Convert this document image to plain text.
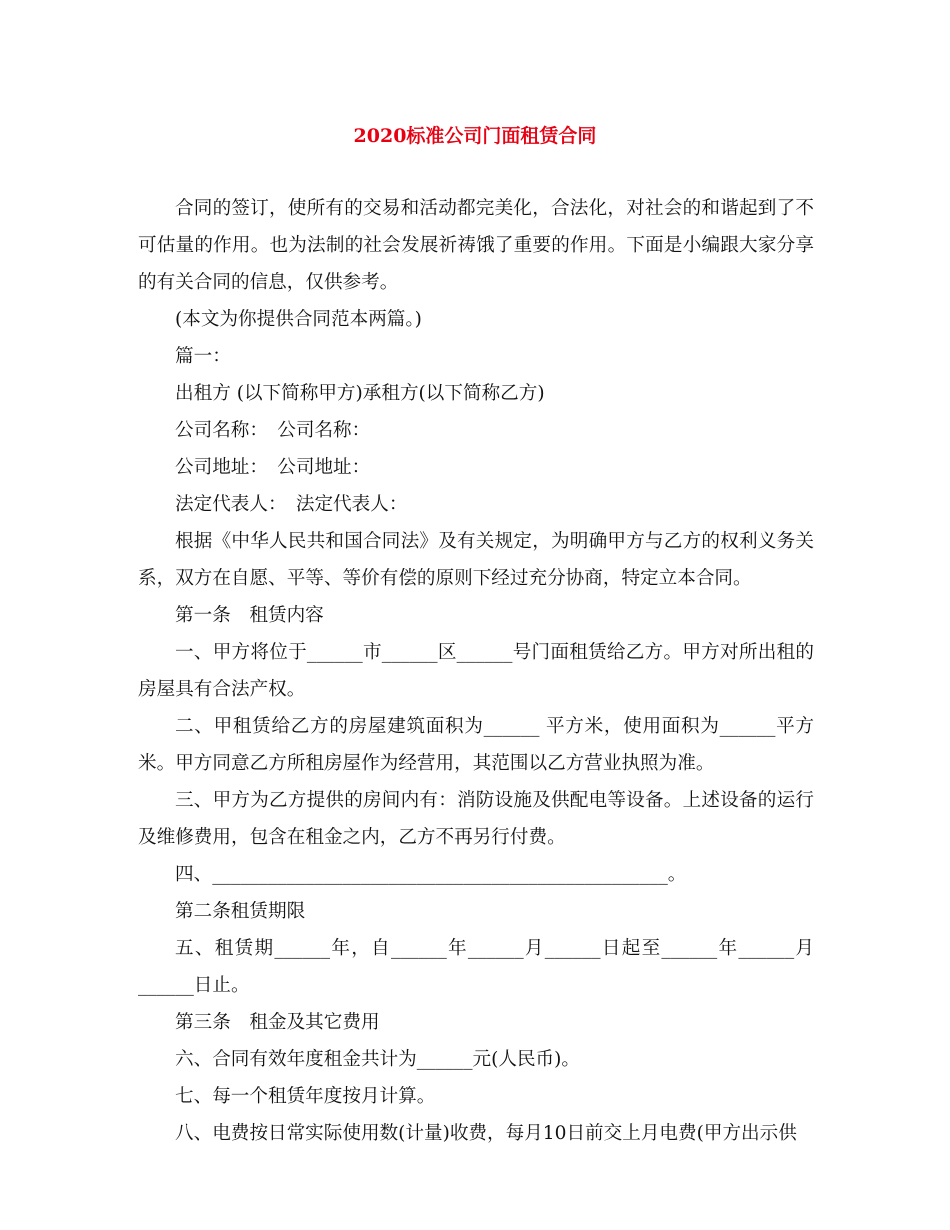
2020标准公司门面租赁合同

合同的签订，使所有的交易和活动都完美化，合法化，对社会的和谐起到了不可估量的作用。也为法制的社会发展祈祷饿了重要的作用。下面是小编跟大家分享的有关合同的信息，仅供参考。

(本文为你提供合同范本两篇。)

篇一：

出租方 (以下简称甲方)承租方(以下简称乙方)

公司名称：　公司名称：

公司地址：　公司地址：

法定代表人：　法定代表人：

根据《中华人民共和国合同法》及有关规定，为明确甲方与乙方的权利义务关系，双方在自愿、平等、等价有偿的原则下经过充分协商，特定立本合同。

第一条　租赁内容

一、甲方将位于______市______区______号门面租赁给乙方。甲方对所出租的房屋具有合法产权。

二、甲租赁给乙方的房屋建筑面积为______ 平方米，使用面积为______平方米。甲方同意乙方所租房屋作为经营用，其范围以乙方营业执照为准。

三、甲方为乙方提供的房间内有：消防设施及供配电等设备。上述设备的运行及维修费用，包含在租金之内，乙方不再另行付费。

四、_________________________________________________。

第二条租赁期限

五、租赁期______年，自______年______月______日起至______年______月______日止。

第三条　租金及其它费用

六、合同有效年度租金共计为______元(人民币)。

七、每一个租赁年度按月计算。

八、电费按日常实际使用数(计量)收费，每月10日前交上月电费(甲方出示供
